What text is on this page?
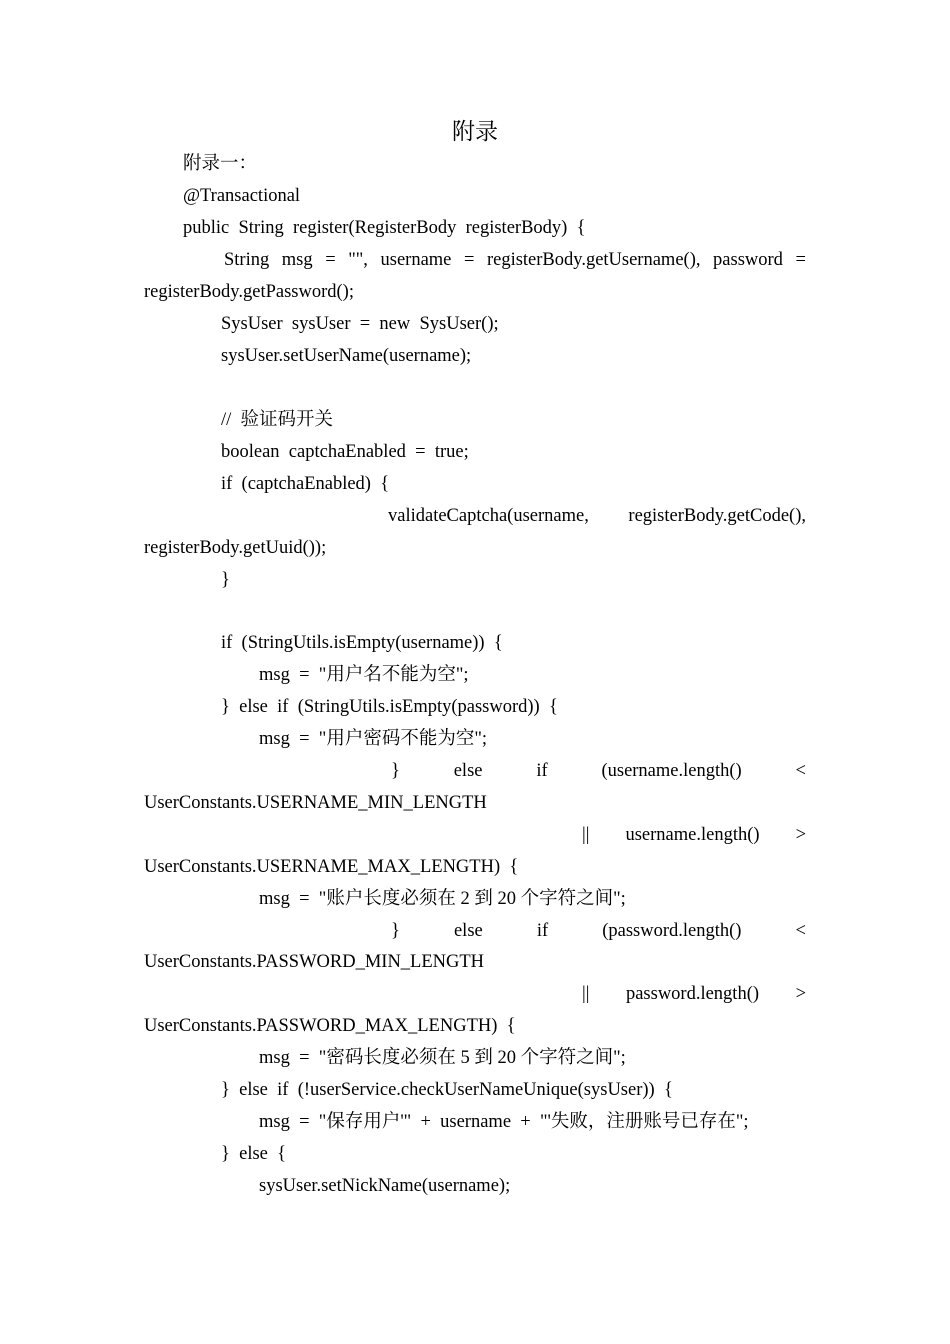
附录
附录一：
@Transactional
public  String  register(RegisterBody  registerBody)  {
String msg = "", username = registerBody.getUsername(), password =
registerBody.getPassword();
SysUser  sysUser  =  new  SysUser();
sysUser.setUserName(username);
//  验证码开关
boolean  captchaEnabled  =  true;
if  (captchaEnabled)  {
validateCaptcha(username, registerBody.getCode(),
registerBody.getUuid());
}
if  (StringUtils.isEmpty(username))  {
msg  =  "用户名不能为空";
}  else  if  (StringUtils.isEmpty(password))  {
msg  =  "用户密码不能为空";
}	else	if	(username.length()	<
UserConstants.USERNAME_MIN_LENGTH
|| username.length() >
UserConstants.USERNAME_MAX_LENGTH)  {
msg  =  "账户长度必须在 2 到 20 个字符之间";
}	else	if	(password.length()	<
UserConstants.PASSWORD_MIN_LENGTH
|| password.length() >
UserConstants.PASSWORD_MAX_LENGTH)  {
msg  =  "密码长度必须在 5 到 20 个字符之间";
}  else  if  (!userService.checkUserNameUnique(sysUser))  {
msg  =  "保存用户'"  +  username  +  "'失败，注册账号已存在";
}  else  {
sysUser.setNickName(username);
